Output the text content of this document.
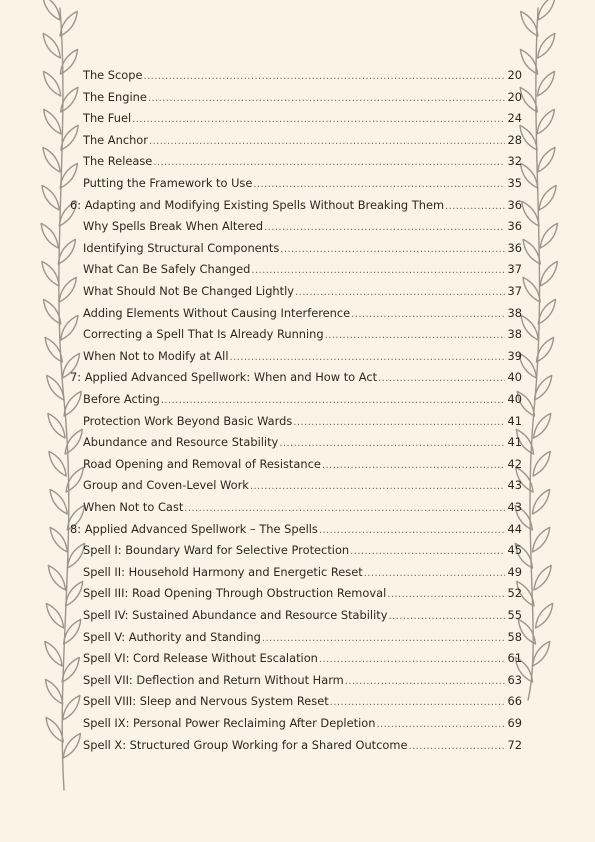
The Scope .....	20
The Engine .....	20
The Fuel .....	24
The Anchor .....	28
The Release .....	32
Putting the Framework to Use .....	35
6: Adapting and Modifying Existing Spells Without Breaking Them .....	36
Why Spells Break When Altered .....	36
Identifying Structural Components .....	36
What Can Be Safely Changed .....	37
What Should Not Be Changed Lightly .....	37
Adding Elements Without Causing Interference .....	38
Correcting a Spell That Is Already Running .....	38
When Not to Modify at All .....	39
7: Applied Advanced Spellwork: When and How to Act .....	40
Before Acting .....	40
Protection Work Beyond Basic Wards .....	41
Abundance and Resource Stability .....	41
Road Opening and Removal of Resistance .....	42
Group and Coven-Level Work .....	43
When Not to Cast .....	43
8: Applied Advanced Spellwork – The Spells .....	44
Spell I: Boundary Ward for Selective Protection .....	45
Spell II: Household Harmony and Energetic Reset .....	49
Spell III: Road Opening Through Obstruction Removal .....	52
Spell IV: Sustained Abundance and Resource Stability .....	55
Spell V: Authority and Standing .....	58
Spell VI: Cord Release Without Escalation .....	61
Spell VII: Deflection and Return Without Harm .....	63
Spell VIII: Sleep and Nervous System Reset .....	66
Spell IX: Personal Power Reclaiming After Depletion .....	69
Spell X: Structured Group Working for a Shared Outcome .....	72
